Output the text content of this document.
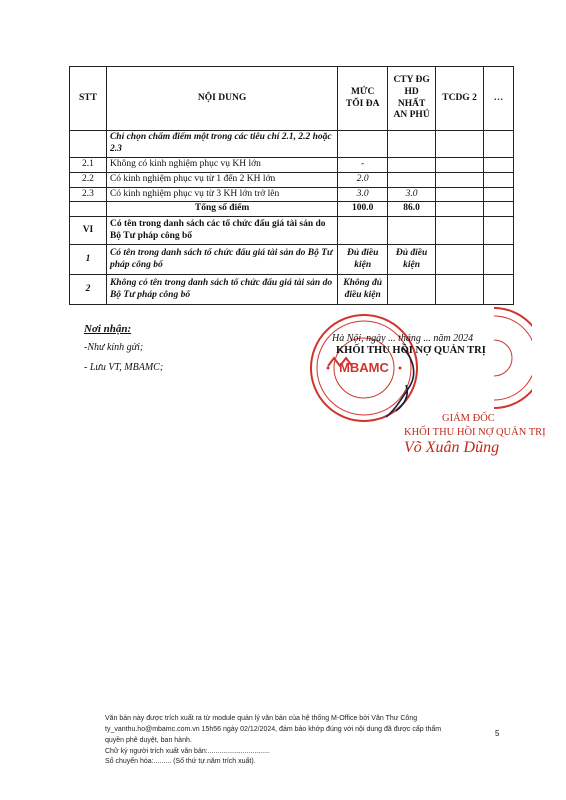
STT	NỘI DUNG	MỨC TỐI ĐA	CTY ĐG HD NHẤT AN PHÚ	TCDG 2	…
	Chỉ chọn chấm điểm một trong các tiêu chí 2.1, 2.2 hoặc 2.3				
2.1	Không có kinh nghiệm phục vụ KH lớn	-			
2.2	Có kinh nghiệm phục vụ từ 1 đến 2 KH lớn	2.0			
2.3	Có kinh nghiệm phục vụ từ 3 KH lớn trở lên	3.0	3.0		
	Tổng số điểm	100.0	86.0		
VI	Có tên trong danh sách các tổ chức đấu giá tài sản do Bộ Tư pháp công bố				
1	Có tên trong danh sách tổ chức đấu giá tài sản do Bộ Tư pháp công bố	Đủ điều kiện	Đủ điều kiện		
2	Không có tên trong danh sách tổ chức đấu giá tài sản do Bộ Tư pháp công bố	Không đủ điều kiện			
Nơi nhận:
-Như kính gửi;
- Lưu VT, MBAMC;	MBAMC
Hà Nội, ngày ... tháng ... năm 2024
KHỐI THU HỒI NỢ QUẢN TRỊ
GIÁM ĐỐC
KHỐI THU HỒI NỢ QUẢN TRỊ
Võ Xuân Dũng
Văn bản này được trích xuất ra từ module quản lý văn bản của hệ thống M-Office bởi Văn Thư Công
ty_vanthu.ho@mbamc.com.vn 15h56 ngày 02/12/2024, đảm bảo khớp đúng với nội dung đã được cấp thẩm
quyền phê duyệt, ban hành.
Chữ ký người trích xuất văn bản:................................
Số chuyển hóa:......... (Số thứ tự.năm trích xuất).
5
